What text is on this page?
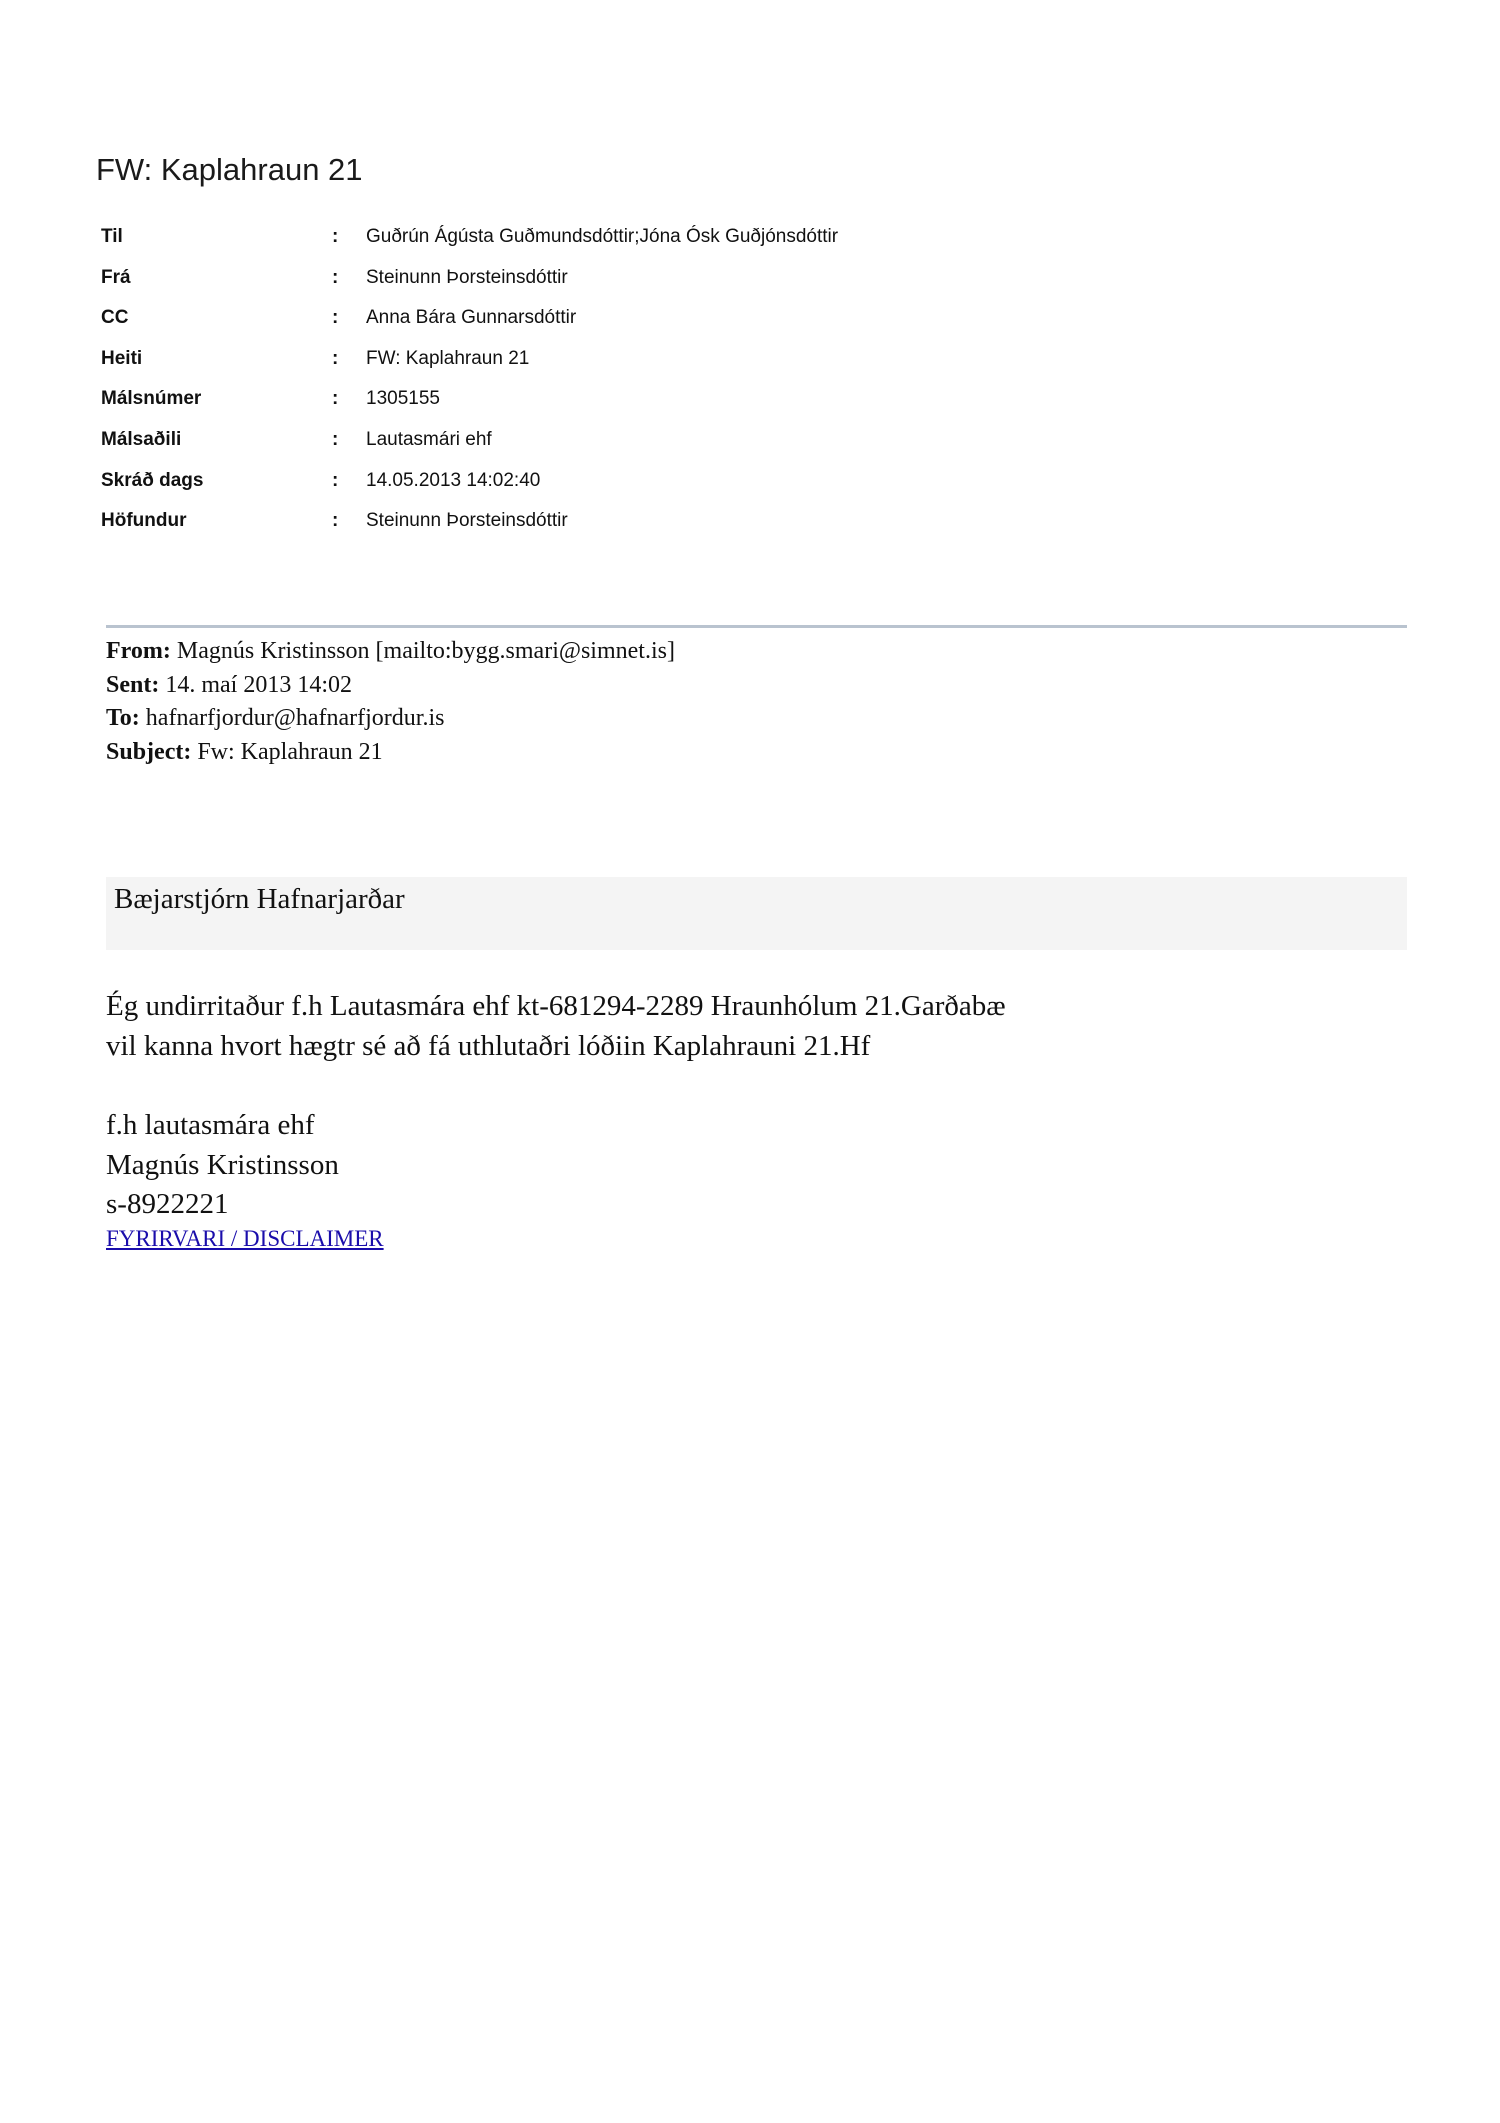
FW: Kaplahraun 21
Til	: Guðrún Ágústa Guðmundsdóttir;Jóna Ósk Guðjónsdóttir
Frá	: Steinunn Þorsteinsdóttir
CC	: Anna Bára Gunnarsdóttir
Heiti	: FW: Kaplahraun 21
Málsnúmer	: 1305155
Málsaðili	: Lautasmári ehf
Skráð dags	: 14.05.2013 14:02:40
Höfundur	: Steinunn Þorsteinsdóttir
From: Magnús Kristinsson [mailto:bygg.smari@simnet.is]
Sent: 14. maí 2013 14:02
To: hafnarfjordur@hafnarfjordur.is
Subject: Fw: Kaplahraun 21
Bæjarstjórn Hafnarjarðar
Ég undirritaður f.h Lautasmára ehf kt-681294-2289 Hraunhólum 21.Garðabæ
vil kanna hvort hægtr sé að fá uthlutaðri lóðiin Kaplahrauni 21.Hf
f.h lautasmára ehf
Magnús Kristinsson
s-8922221
FYRIRVARI / DISCLAIMER
